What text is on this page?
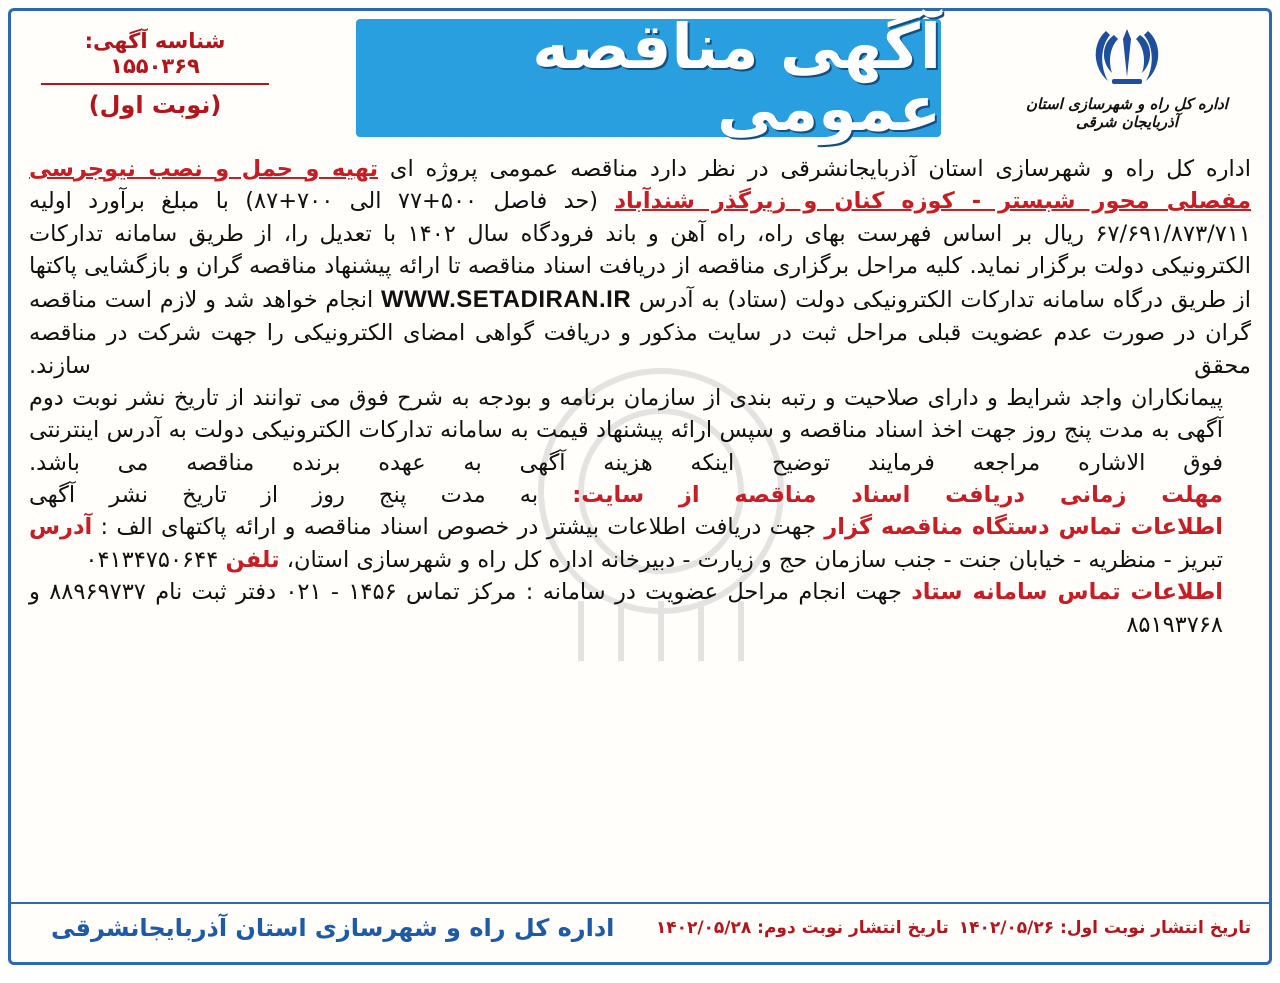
اداره کل راه و شهرسازی استان آذربایجان شرقی
آگهی مناقصه عمومی
شناسه آگهی: ۱۵۵۰۳۶۹
(نوبت اول)

اداره کل راه و شهرسازی استان آذربایجانشرقی در نظر دارد مناقصه عمومی پروژه ای تهیه و حمل و نصب نیوجرسی مفصلی محور شبستر - کوزه کنان و زیرگذر شندآباد (حد فاصل ۵۰۰+۷۷ الی ۷۰۰+۸۷) با مبلغ برآورد اولیه ۶۷/۶۹۱/۸۷۳/۷۱۱ ریال بر اساس فهرست بهای راه، راه آهن و باند فرودگاه سال ۱۴۰۲ با تعدیل را، از طریق سامانه تدارکات الکترونیکی دولت برگزار نماید. کلیه مراحل برگزاری مناقصه از دریافت اسناد مناقصه تا ارائه پیشنهاد مناقصه گران و بازگشایی پاکتها از طریق درگاه سامانه تدارکات الکترونیکی دولت (ستاد) به آدرس WWW.SETADIRAN.IR انجام خواهد شد و لازم است مناقصه گران در صورت عدم عضویت قبلی مراحل ثبت در سایت مذکور و دریافت گواهی امضای الکترونیکی را جهت شرکت در مناقصه محقق سازند.

پیمانکاران واجد شرایط و دارای صلاحیت و رتبه بندی از سازمان برنامه و بودجه به شرح فوق می توانند از تاریخ نشر نوبت دوم آگهی به مدت پنج روز جهت اخذ اسناد مناقصه و سپس ارائه پیشنهاد قیمت به سامانه تدارکات الکترونیکی دولت به آدرس اینترنتی فوق الاشاره مراجعه فرمایند توضیح اینکه هزینه آگهی به عهده برنده مناقصه می باشد.

مهلت زمانی دریافت اسناد مناقصه از سایت: به مدت پنج روز از تاریخ نشر آگهی

اطلاعات تماس دستگاه مناقصه گزار جهت دریافت اطلاعات بیشتر در خصوص اسناد مناقصه و ارائه پاکتهای الف : آدرس تبریز - منظریه - خیابان جنت - جنب سازمان حج و زیارت - دبیرخانه اداره کل راه و شهرسازی استان، تلفن ۰۴۱۳۴۷۵۰۶۴۴

اطلاعات تماس سامانه ستاد جهت انجام مراحل عضویت در سامانه : مرکز تماس ۱۴۵۶ - ۰۲۱ دفتر ثبت نام ۸۸۹۶۹۷۳۷ و ۸۵۱۹۳۷۶۸

تاریخ انتشار نوبت اول: ۱۴۰۲/۰۵/۲۶تاریخ انتشار نوبت دوم: ۱۴۰۲/۰۵/۲۸
اداره کل راه و شهرسازی استان آذربایجانشرقی
